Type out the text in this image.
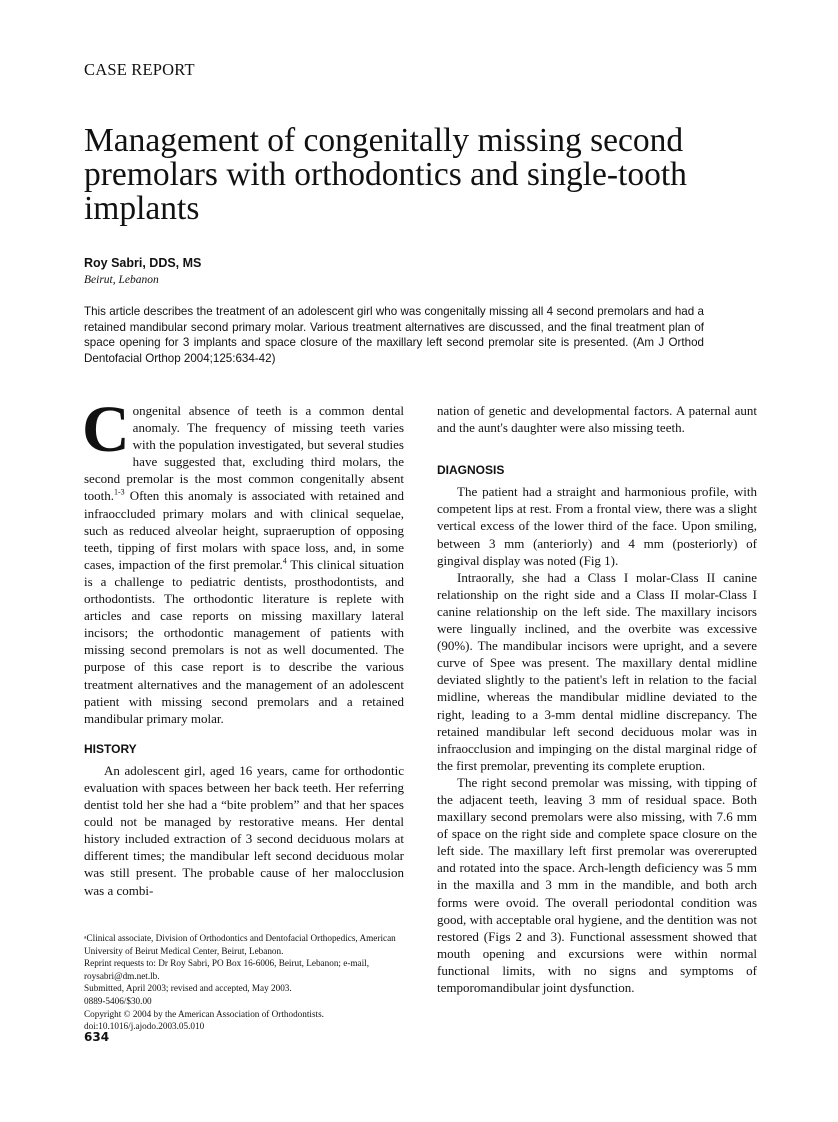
CASE REPORT
Management of congenitally missing second premolars with orthodontics and single-tooth implants
Roy Sabri, DDS, MS
Beirut, Lebanon

This article describes the treatment of an adolescent girl who was congenitally missing all 4 second premolars and had a retained mandibular second primary molar. Various treatment alternatives are discussed, and the final treatment plan of space opening for 3 implants and space closure of the maxillary left second premolar site is presented. (Am J Orthod Dentofacial Orthop 2004;125:634-42)

Congenital absence of teeth is a common dental anomaly. The frequency of missing teeth varies with the population investigated, but several studies have suggested that, excluding third molars, the second premolar is the most common congenitally absent tooth.$^{1-3}$ Often this anomaly is associated with retained and infraoccluded primary molars and with clinical sequelae, such as reduced alveolar height, supraeruption of opposing teeth, tipping of first molars with space loss, and, in some cases, impaction of the first premolar.$^4$ This clinical situation is a challenge to pediatric dentists, prosthodontists, and orthodontists. The orthodontic literature is replete with articles and case reports on missing maxillary lateral incisors; the orthodontic management of patients with missing second premolars is not as well documented. The purpose of this case report is to describe the various treatment alternatives and the management of an adolescent patient with missing second premolars and a retained mandibular primary molar.

HISTORY

An adolescent girl, aged 16 years, came for orthodontic evaluation with spaces between her back teeth. Her referring dentist told her she had a “bite problem” and that her spaces could not be managed by restorative means. Her dental history included extraction of 3 second deciduous molars at different times; the mandibular left second deciduous molar was still present. The probable cause of her malocclusion was a combi-

nation of genetic and developmental factors. A paternal aunt and the aunt's daughter were also missing teeth.

DIAGNOSIS

The patient had a straight and harmonious profile, with competent lips at rest. From a frontal view, there was a slight vertical excess of the lower third of the face. Upon smiling, between 3 mm (anteriorly) and 4 mm (posteriorly) of gingival display was noted (Fig 1).

Intraorally, she had a Class I molar-Class II canine relationship on the right side and a Class II molar-Class I canine relationship on the left side. The maxillary incisors were lingually inclined, and the overbite was excessive (90%). The mandibular incisors were upright, and a severe curve of Spee was present. The maxillary dental midline deviated slightly to the patient's left in relation to the facial midline, whereas the mandibular midline deviated to the right, leading to a 3-mm dental midline discrepancy. The retained mandibular left second deciduous molar was in infraocclusion and impinging on the distal marginal ridge of the first premolar, preventing its complete eruption.

The right second premolar was missing, with tipping of the adjacent teeth, leaving 3 mm of residual space. Both maxillary second premolars were also missing, with 7.6 mm of space on the right side and complete space closure on the left side. The maxillary left first premolar was overerupted and rotated into the space. Arch-length deficiency was 5 mm in the maxilla and 3 mm in the mandible, and both arch forms were ovoid. The overall periodontal condition was good, with acceptable oral hygiene, and the dentition was not restored (Figs 2 and 3). Functional assessment showed that mouth opening and excursions were within normal functional limits, with no signs and symptoms of temporomandibular joint dysfunction.

ᵃClinical associate, Division of Orthodontics and Dentofacial Orthopedics, American University of Beirut Medical Center, Beirut, Lebanon.
Reprint requests to: Dr Roy Sabri, PO Box 16-6006, Beirut, Lebanon; e-mail, roysabri@dm.net.lb.
Submitted, April 2003; revised and accepted, May 2003.
0889-5406/$30.00
Copyright © 2004 by the American Association of Orthodontists.
doi:10.1016/j.ajodo.2003.05.010
634
